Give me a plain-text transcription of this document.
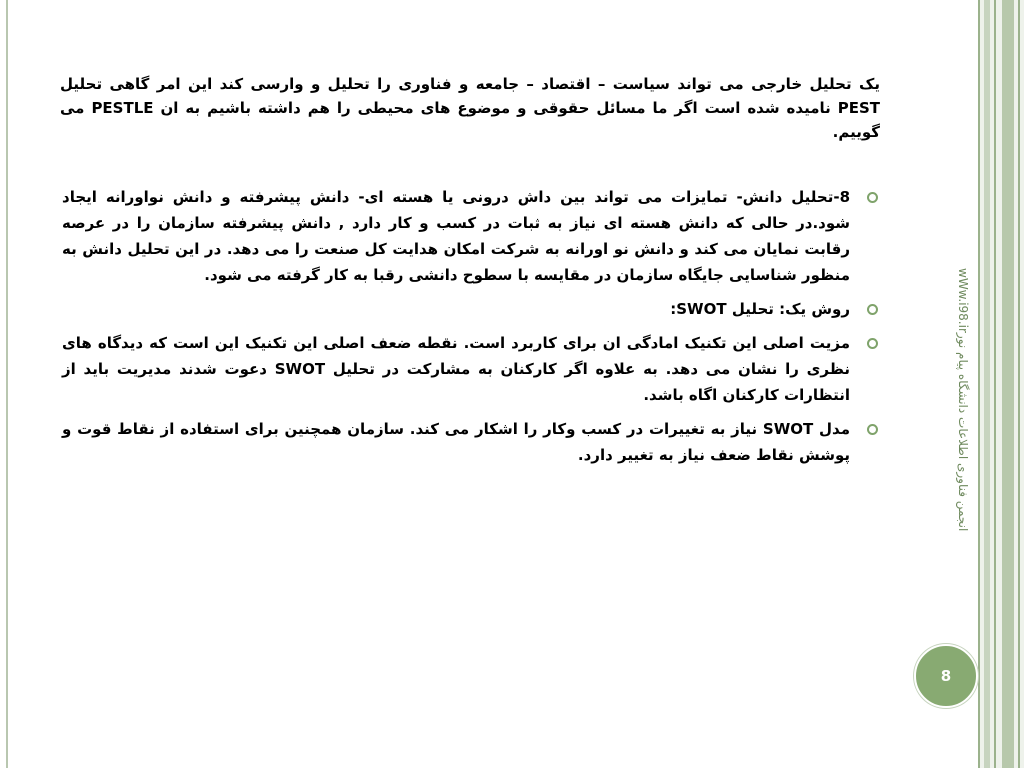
یک تحلیل خارجی می تواند سیاست – اقتصاد – جامعه و فناوری را تحلیل و وارسی کند این امر گاهی تحلیل PEST نامیده شده است اگر ما مسائل حقوقی و موضوع های محیطی را هم داشته باشیم به ان PESTLE می گوییم.
8-تحلیل دانش- تمایزات می تواند بین داش درونی یا هسته ای- دانش پیشرفته و دانش نواورانه ایجاد شود.در حالی که دانش هسته ای نیاز به ثبات در کسب و کار دارد , دانش پیشرفته سازمان را در عرصه رقابت نمایان می کند و دانش نو اورانه به شرکت امکان هدایت کل صنعت را می دهد. در این تحلیل دانش به منظور شناسایی جایگاه سازمان در مقایسه با سطوح دانشی رقبا به کار گرفته می شود.
روش یک: تحلیل SWOT:
مزیت اصلی این تکنیک امادگی ان برای کاربرد است. نقطه ضعف اصلی این تکنیک این است که دیدگاه های نظری را نشان می دهد. به علاوه اگر کارکنان به مشارکت در تحلیل SWOT دعوت شدند مدیریت باید از انتظارات کارکنان اگاه باشد.
مدل SWOT نیاز به تغییرات در کسب وکار را اشکار می کند. سازمان همچنین برای استفاده از نقاط قوت و پوشش نقاط ضعف نیاز به تغییر دارد.
wWw.i98.irانجمن فناوری اطلاعات دانشگاه پیام نور
8
